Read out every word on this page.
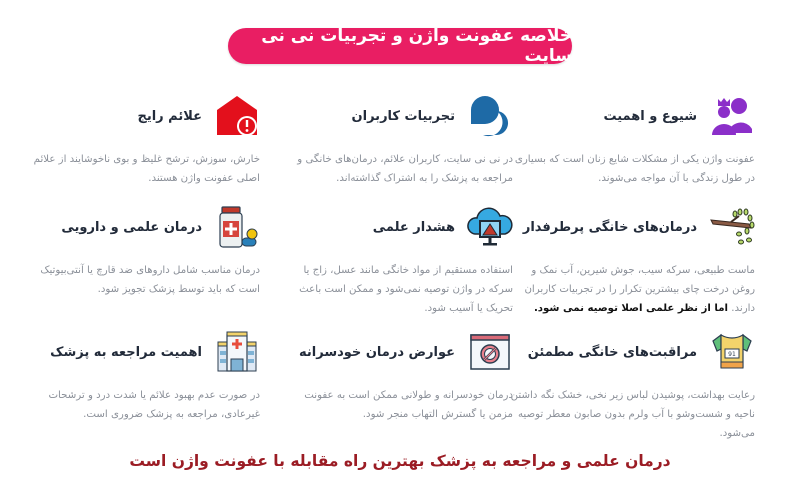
خلاصه عفونت واژن و تجربیات نی نی سایت
شیوع و اهمیت
عفونت واژن یکی از مشکلات شایع زنان است که بسیاری در طول زندگی با آن مواجه می‌شوند.
تجربیات کاربران
در نی نی سایت، کاربران علائم، درمان‌های خانگی و مراجعه به پزشک را به اشتراک گذاشته‌اند.
علائم رایج
خارش، سوزش، ترشح غلیظ و بوی ناخوشایند از علائم اصلی عفونت واژن هستند.
درمان‌های خانگی پرطرفدار
ماست طبیعی، سرکه سیب، جوش شیرین، آب نمک و روغن درخت چای بیشترین تکرار را در تجربیات کاربران دارند. اما از نظر علمی اصلا توصیه نمی شود.
هشدار علمی
استفاده مستقیم از مواد خانگی مانند عسل، زاج یا سرکه در واژن توصیه نمی‌شود و ممکن است باعث تحریک یا آسیب شود.
درمان علمی و دارویی
درمان مناسب شامل داروهای ضد قارچ یا آنتی‌بیوتیک است که باید توسط پزشک تجویز شود.
91
مراقبت‌های خانگی مطمئن
رعایت بهداشت، پوشیدن لباس زیر نخی، خشک نگه داشتن ناحیه و شست‌وشو با آب ولرم بدون صابون معطر توصیه می‌شود.
عوارض درمان خودسرانه
درمان خودسرانه و طولانی ممکن است به عفونت مزمن یا گسترش التهاب منجر شود.
اهمیت مراجعه به پزشک
در صورت عدم بهبود علائم یا شدت درد و ترشحات غیرعادی، مراجعه به پزشک ضروری است.
درمان علمی و مراجعه به پزشک بهترین راه مقابله با عفونت واژن است
